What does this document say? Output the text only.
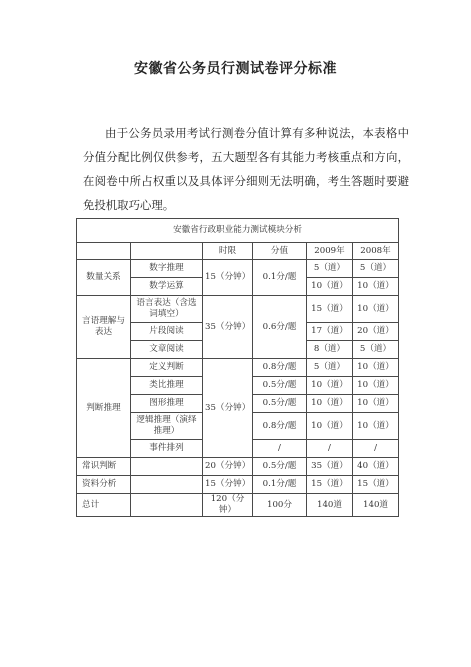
安徽省公务员行测试卷评分标准

由于公务员录用考试行测卷分值计算有多种说法，本表格中分值分配比例仅供参考，五大题型各有其能力考核重点和方向，在阅卷中所占权重以及具体评分细则无法明确，考生答题时要避免投机取巧心理。

安徽省行政职业能力测试模块分析					
		时限	分值	2009年	2008年
数量关系	数字推理	15（分钟）	0.1分/题	5（道）	5（道）
	数学运算			10（道）	10（道）
言语理解与表达	语言表达（含选词填空）	35（分钟）	0.6分/题	15（道）	10（道）
	片段阅读			17（道）	20（道）
	文章阅读			8（道）	5（道）
判断推理	定义判断	35（分钟）	0.8分/题	5（道）	10（道）
	类比推理		0.5分/题	10（道）	10（道）
	图形推理		0.5分/题	10（道）	10（道）
	逻辑推理（演绎推理）		0.8分/题	10（道）	10（道）
	事件排列		/	/	/
常识判断		20（分钟）	0.5分/题	35（道）	40（道）
资料分析		15（分钟）	0.1分/题	15（道）	15（道）
总计		120（分钟）	100分	140道	140道
